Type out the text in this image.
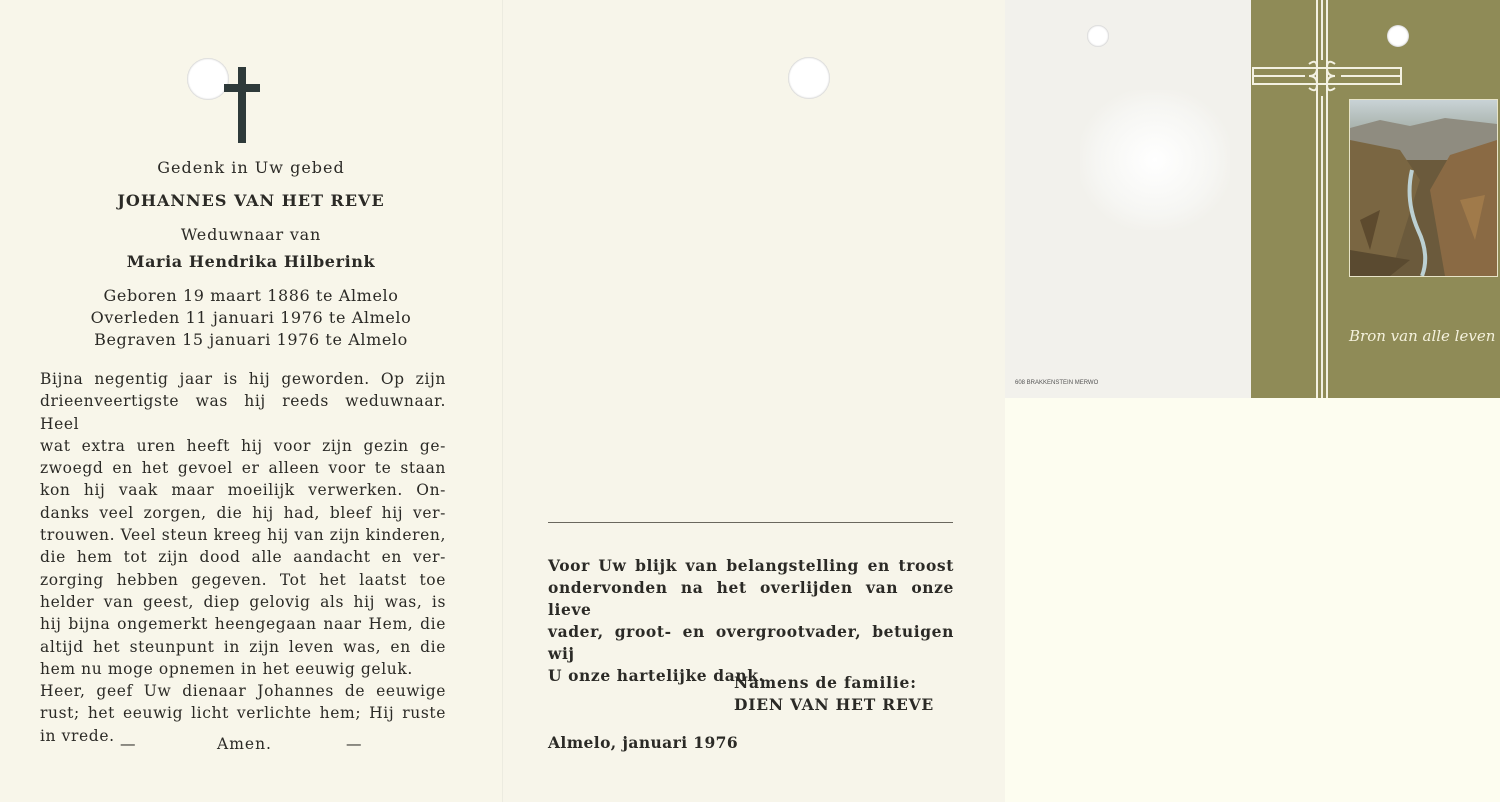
Gedenk in Uw gebed
JOHANNES VAN HET REVE
Weduwnaar van
Maria Hendrika Hilberink
Geboren 19 maart 1886 te Almelo
Overleden 11 januari 1976 te Almelo
Begraven 15 januari 1976 te Almelo
Bijna negentig jaar is hij geworden. Op zijn
drieenveertigste was hij reeds weduwnaar. Heel
wat extra uren heeft hij voor zijn gezin ge-
zwoegd en het gevoel er alleen voor te staan
kon hij vaak maar moeilijk verwerken. On-
danks veel zorgen, die hij had, bleef hij ver-
trouwen. Veel steun kreeg hij van zijn kinderen,
die hem tot zijn dood alle aandacht en ver-
zorging hebben gegeven. Tot het laatst toe
helder van geest, diep gelovig als hij was, is
hij bijna ongemerkt heengegaan naar Hem, die
altijd het steunpunt in zijn leven was, en die
hem nu moge opnemen in het eeuwig geluk.
Heer, geef Uw dienaar Johannes de eeuwige
rust; het eeuwig licht verlichte hem; Hij ruste
in vrede. —	Amen.	—
Voor Uw blijk van belangstelling en troost
ondervonden na het overlijden van onze lieve
vader, groot- en overgrootvader, betuigen wij
U onze hartelijke dank.
Namens de familie:
DIEN VAN HET REVE
Almelo, januari 1976
608 BRAKKENSTEIN MERWO
Bron van alle leven
